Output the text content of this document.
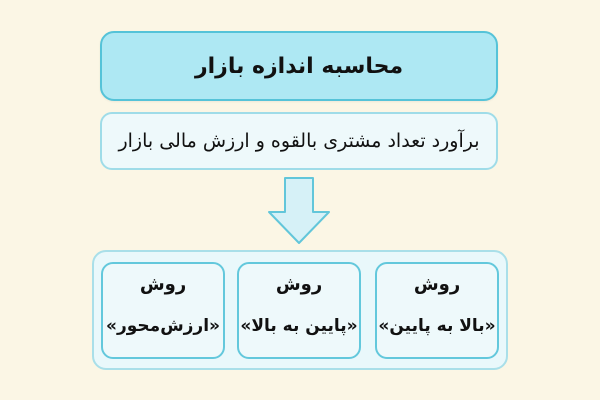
محاسبه اندازه بازار
برآورد تعداد مشتری بالقوه و ارزش مالی بازار
روش
«بالا به پایین»
روش
«پایین به بالا»
روش
«ارزش‌محور»
